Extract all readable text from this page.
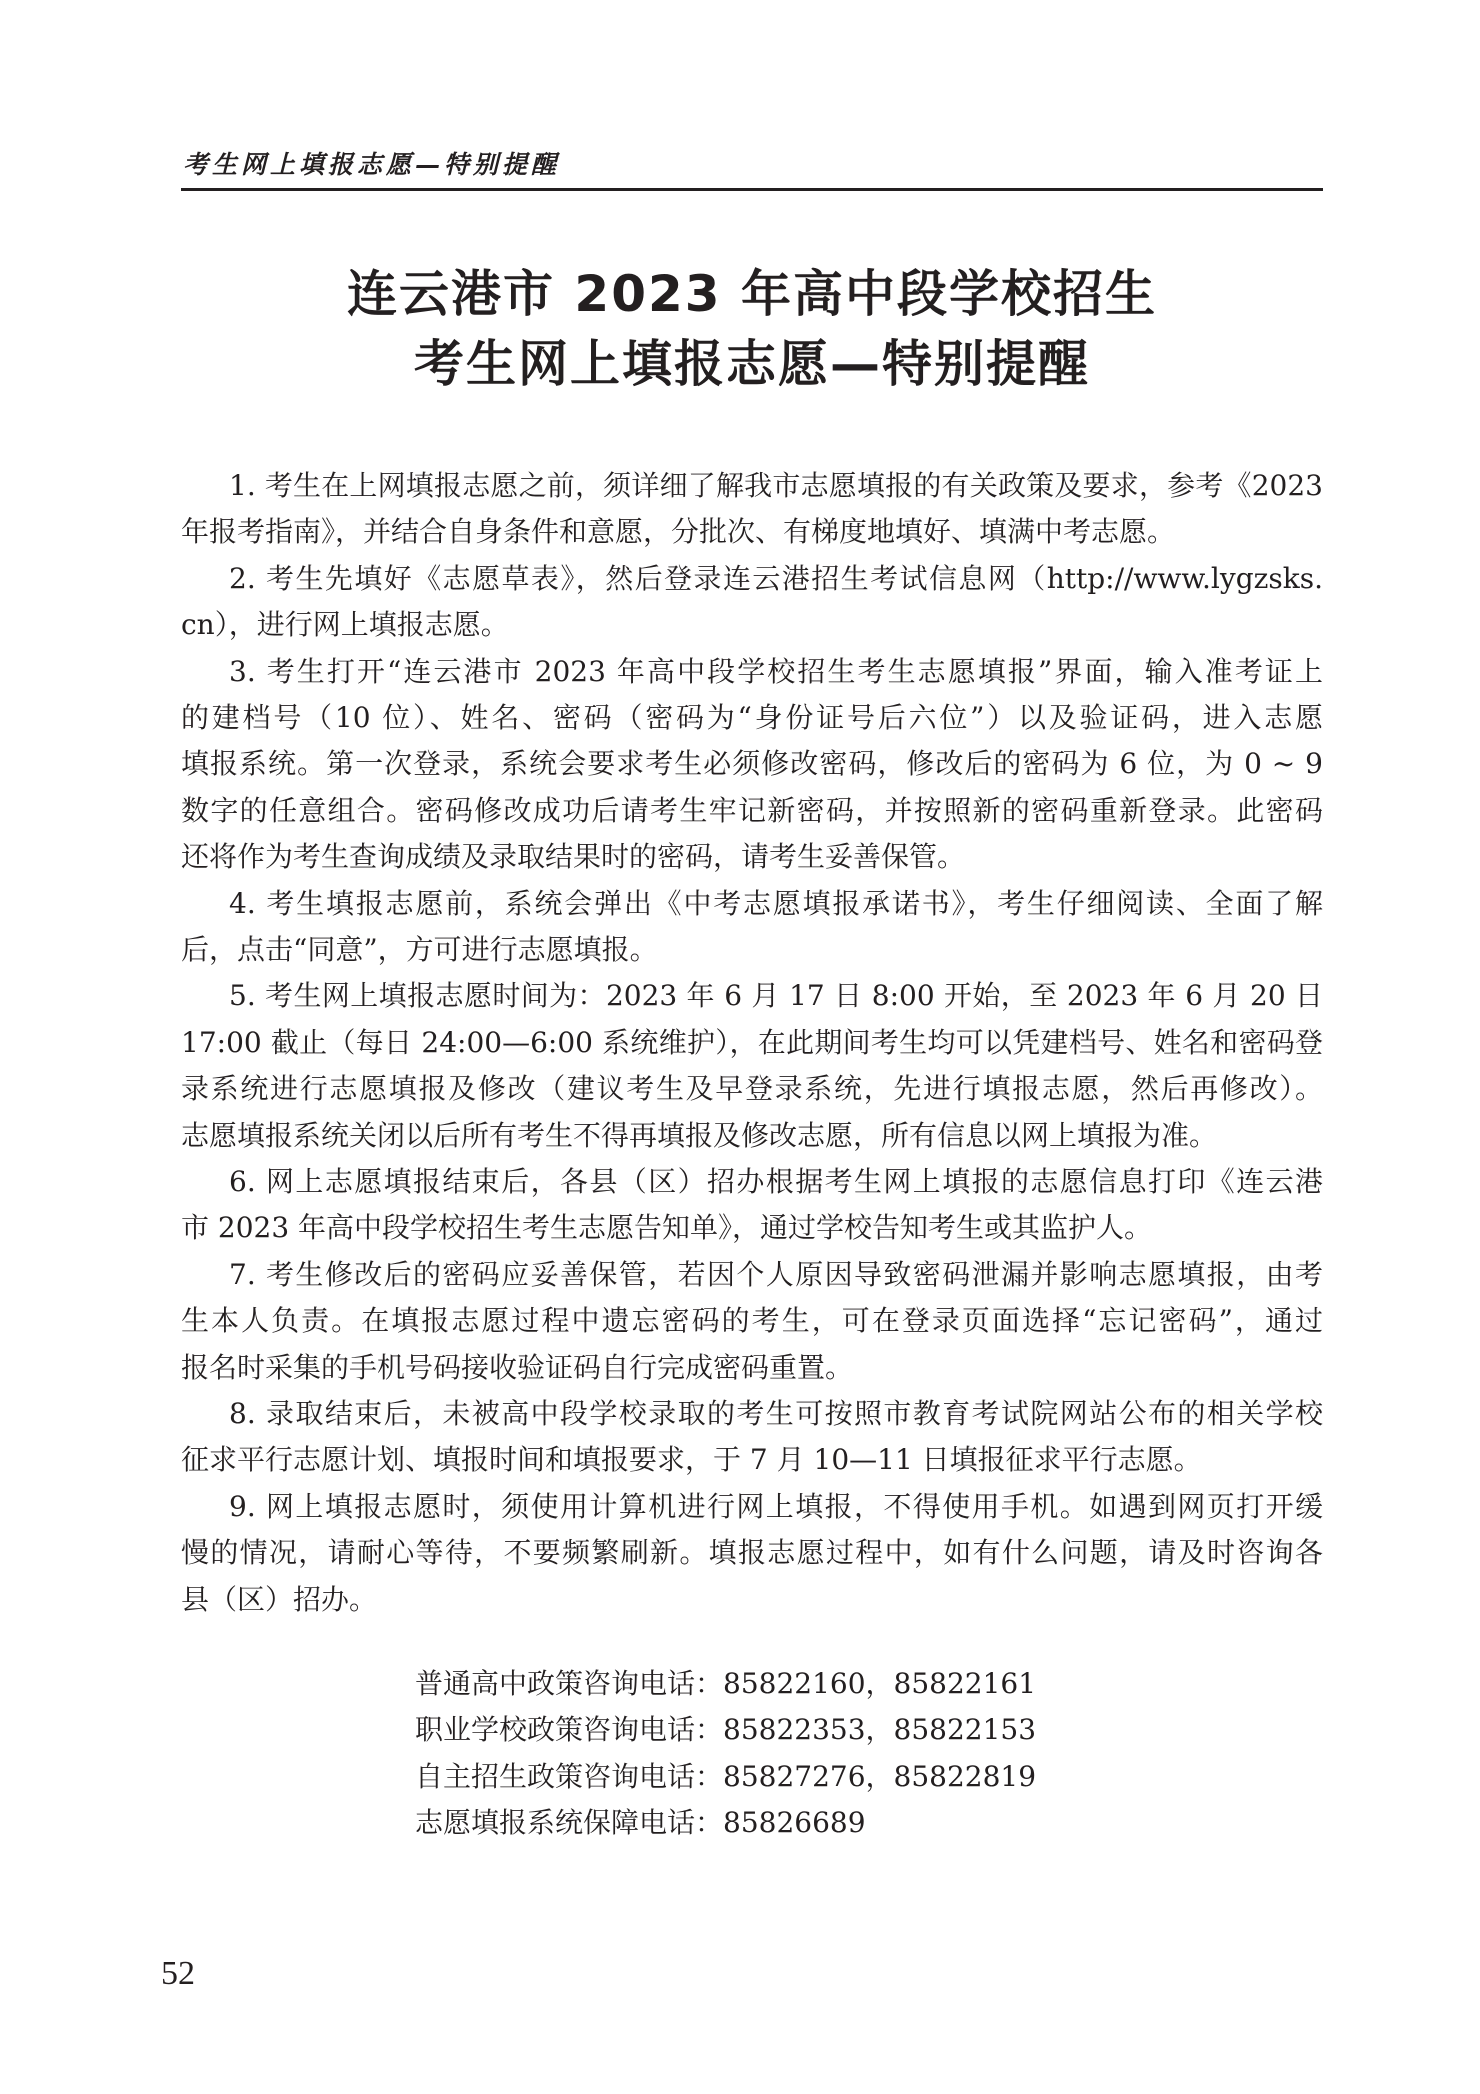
考生网上填报志愿—特别提醒
连云港市 2023 年高中段学校招生
考生网上填报志愿—特别提醒
1. 考生在上网填报志愿之前，须详细了解我市志愿填报的有关政策及要求，参考《2023
年报考指南》，并结合自身条件和意愿，分批次、有梯度地填好、填满中考志愿。
2. 考生先填好《志愿草表》，然后登录连云港招生考试信息网（http://www.lygzsks.
cn），进行网上填报志愿。
3. 考生打开“连云港市 2023 年高中段学校招生考生志愿填报”界面，输入准考证上
的建档号（10 位）、姓名、密码（密码为“身份证号后六位”）以及验证码，进入志愿
填报系统。第一次登录，系统会要求考生必须修改密码，修改后的密码为 6 位，为 0 ~ 9
数字的任意组合。密码修改成功后请考生牢记新密码，并按照新的密码重新登录。此密码
还将作为考生查询成绩及录取结果时的密码，请考生妥善保管。
4. 考生填报志愿前，系统会弹出《中考志愿填报承诺书》，考生仔细阅读、全面了解
后，点击“同意”，方可进行志愿填报。
5. 考生网上填报志愿时间为：2023 年 6 月 17 日 8:00 开始，至 2023 年 6 月 20 日
17:00 截止（每日 24:00—6:00 系统维护），在此期间考生均可以凭建档号、姓名和密码登
录系统进行志愿填报及修改（建议考生及早登录系统，先进行填报志愿，然后再修改）。
志愿填报系统关闭以后所有考生不得再填报及修改志愿，所有信息以网上填报为准。
6. 网上志愿填报结束后，各县（区）招办根据考生网上填报的志愿信息打印《连云港
市 2023 年高中段学校招生考生志愿告知单》，通过学校告知考生或其监护人。
7. 考生修改后的密码应妥善保管，若因个人原因导致密码泄漏并影响志愿填报，由考
生本人负责。在填报志愿过程中遗忘密码的考生，可在登录页面选择“忘记密码”，通过
报名时采集的手机号码接收验证码自行完成密码重置。
8. 录取结束后，未被高中段学校录取的考生可按照市教育考试院网站公布的相关学校
征求平行志愿计划、填报时间和填报要求，于 7 月 10—11 日填报征求平行志愿。
9. 网上填报志愿时，须使用计算机进行网上填报，不得使用手机。如遇到网页打开缓
慢的情况，请耐心等待，不要频繁刷新。填报志愿过程中，如有什么问题，请及时咨询各
县（区）招办。
普通高中政策咨询电话：85822160，85822161
职业学校政策咨询电话：85822353，85822153
自主招生政策咨询电话：85827276，85822819
志愿填报系统保障电话：85826689
52
